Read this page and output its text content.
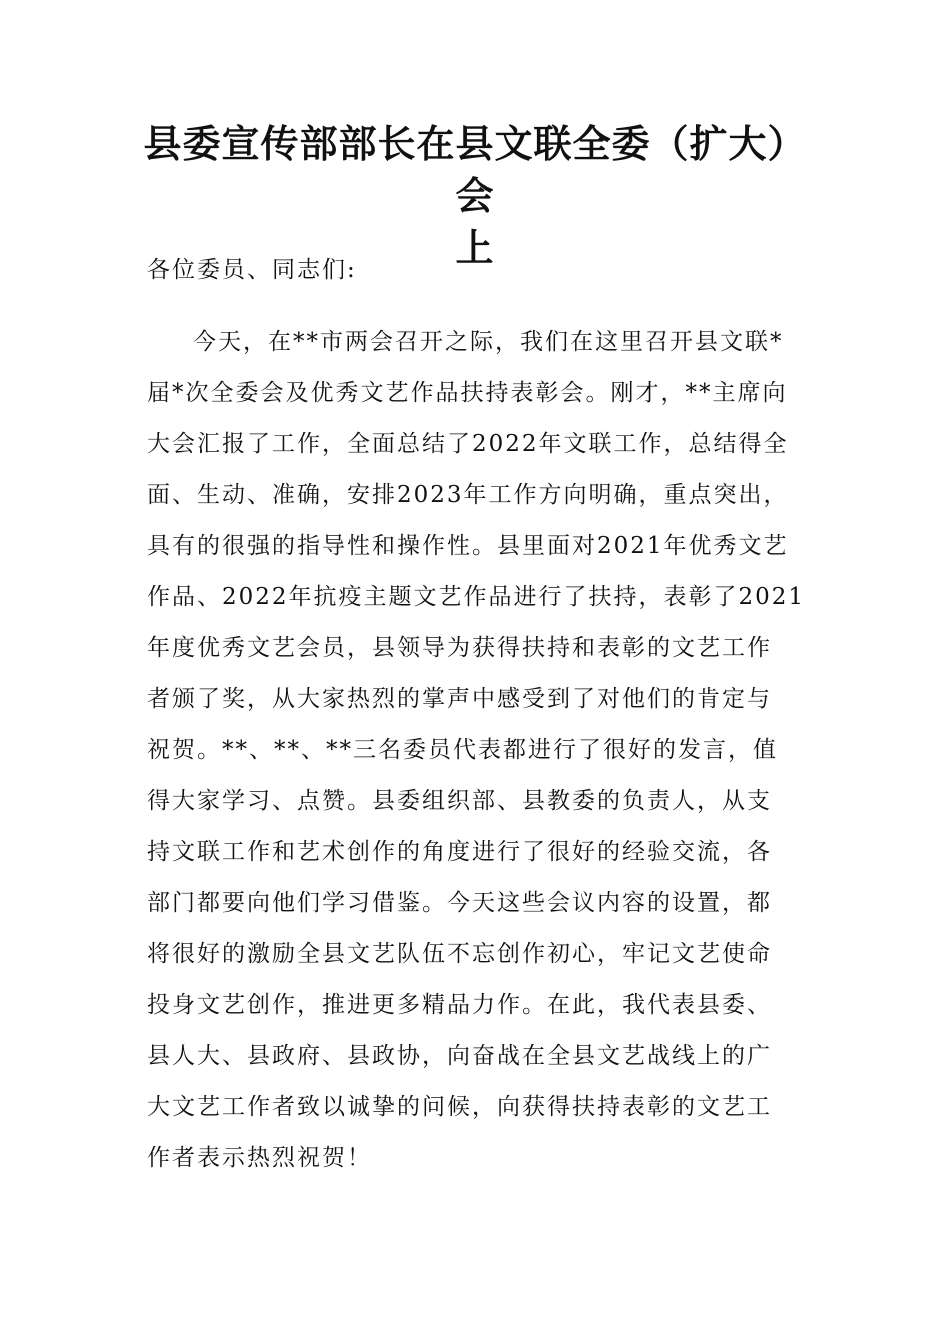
县委宣传部部长在县文联全委（扩大）会
上
各位委员、同志们:
今天，在**市两会召开之际，我们在这里召开县文联*
届*次全委会及优秀文艺作品扶持表彰会。刚才，**主席向
大会汇报了工作，全面总结了2022年文联工作，总结得全
面、生动、准确，安排2023年工作方向明确，重点突出，
具有的很强的指导性和操作性。县里面对2021年优秀文艺
作品、2022年抗疫主题文艺作品进行了扶持，表彰了2021
年度优秀文艺会员，县领导为获得扶持和表彰的文艺工作
者颁了奖，从大家热烈的掌声中感受到了对他们的肯定与
祝贺。**、**、**三名委员代表都进行了很好的发言，值
得大家学习、点赞。县委组织部、县教委的负责人，从支
持文联工作和艺术创作的角度进行了很好的经验交流，各
部门都要向他们学习借鉴。今天这些会议内容的设置，都
将很好的激励全县文艺队伍不忘创作初心，牢记文艺使命
投身文艺创作，推进更多精品力作。在此，我代表县委、
县人大、县政府、县政协，向奋战在全县文艺战线上的广
大文艺工作者致以诚挚的问候，向获得扶持表彰的文艺工
作者表示热烈祝贺！
